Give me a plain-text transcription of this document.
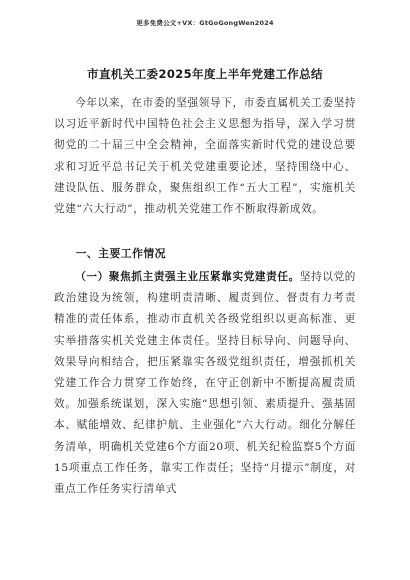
更多免费公文+VX：GtGoGongWen2024
市直机关工委2025年度上半年党建工作总结

今年以来，在市委的坚强领导下，市委直属机关工委坚持以习近平新时代中国特色社会主义思想为指导，深入学习贯彻党的二十届三中全会精神，全面落实新时代党的建设总要求和习近平总书记关于机关党建重要论述，坚持围绕中心、建设队伍、服务群众，聚焦组织工作“五大工程”，实施机关党建“六大行动”，推动机关党建工作不断取得新成效。

一、主要工作情况

（一）聚焦抓主责强主业压紧靠实党建责任。坚持以党的政治建设为统领，构建明责清晰、履责到位、督责有力考责精准的责任体系，推动市直机关各级党组织以更高标准、更实举措落实机关党建主体责任。坚持目标导向、问题导向、效果导向相结合，把压紧靠实各级党组织责任，增强抓机关党建工作合力贯穿工作始终，在守正创新中不断提高履责质效。加强系统谋划，深入实施“思想引领、素质提升、强基固本、赋能增效、纪律护航、主业强化”六大行动。细化分解任务清单，明确机关党建6个方面20项、机关纪检监察5个方面15项重点工作任务，靠实工作责任；坚持“月提示”制度，对重点工作任务实行清单式
